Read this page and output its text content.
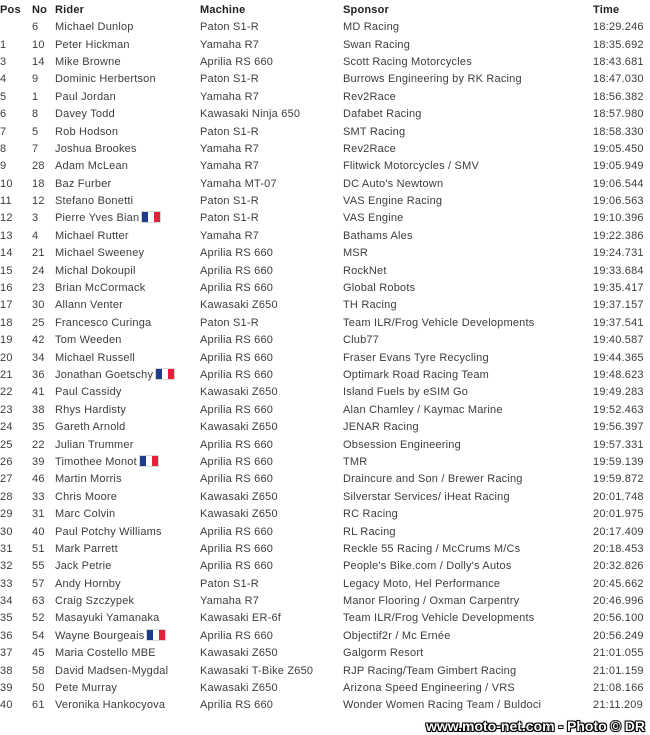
Pos	No	Rider	Machine	Sponsor	Time
	6	Michael Dunlop	Paton S1-R	MD Racing	18:29.246
1	10	Peter Hickman	Yamaha R7	Swan Racing	18:35.692
3	14	Mike Browne	Aprilia RS 660	Scott Racing Motorcycles	18:43.681
4	9	Dominic Herbertson	Paton S1-R	Burrows Engineering by RK Racing	18:47.030
5	1	Paul Jordan	Yamaha R7	Rev2Race	18:56.382
6	8	Davey Todd	Kawasaki Ninja 650	Dafabet Racing	18:57.980
7	5	Rob Hodson	Paton S1-R	SMT Racing	18:58.330
8	7	Joshua Brookes	Yamaha R7	Rev2Race	19:05.450
9	28	Adam McLean	Yamaha R7	Flitwick Motorcycles / SMV	19:05.949
10	18	Baz Furber	Yamaha MT-07	DC Auto's Newtown	19:06.544
11	12	Stefano Bonetti	Paton S1-R	VAS Engine Racing	19:06.563
12	3	Pierre Yves Bian	Paton S1-R	VAS Engine	19:10.396
13	4	Michael Rutter	Yamaha R7	Bathams Ales	19:22.386
14	21	Michael Sweeney	Aprilia RS 660	MSR	19:24.731
15	24	Michal Dokoupil	Aprilia RS 660	RockNet	19:33.684
16	23	Brian McCormack	Aprilia RS 660	Global Robots	19:35.417
17	30	Allann Venter	Kawasaki Z650	TH Racing	19:37.157
18	25	Francesco Curinga	Paton S1-R	Team ILR/Frog Vehicle Developments	19:37.541
19	42	Tom Weeden	Aprilia RS 660	Club77	19:40.587
20	34	Michael Russell	Aprilia RS 660	Fraser Evans Tyre Recycling	19:44.365
21	36	Jonathan Goetschy	Aprilia RS 660	Optimark Road Racing Team	19:48.623
22	41	Paul Cassidy	Kawasaki Z650	Island Fuels by eSIM Go	19:49.283
23	38	Rhys Hardisty	Aprilia RS 660	Alan Chamley / Kaymac Marine	19:52.463
24	35	Gareth Arnold	Kawasaki Z650	JENAR Racing	19:56.397
25	22	Julian Trummer	Aprilia RS 660	Obsession Engineering	19:57.331
26	39	Timothee Monot	Aprilia RS 660	TMR	19:59.139
27	46	Martin Morris	Aprilia RS 660	Draincure and Son / Brewer Racing	19:59.872
28	33	Chris Moore	Kawasaki Z650	Silverstar Services/ iHeat Racing	20:01.748
29	31	Marc Colvin	Kawasaki Z650	RC Racing	20:01.975
30	40	Paul Potchy Williams	Aprilia RS 660	RL Racing	20:17.409
31	51	Mark Parrett	Aprilia RS 660	Reckle 55 Racing / McCrums M/Cs	20:18.453
32	55	Jack Petrie	Aprilia RS 660	People's Bike.com / Dolly's Autos	20:32.826
33	57	Andy Hornby	Paton S1-R	Legacy Moto, Hel Performance	20:45.662
34	63	Craig Szczypek	Yamaha R7	Manor Flooring / Oxman Carpentry	20:46.996
35	52	Masayuki Yamanaka	Kawasaki ER-6f	Team ILR/Frog Vehicle Developments	20:56.100
36	54	Wayne Bourgeais	Aprilia RS 660	Objectif2r / Mc Ernée	20:56.249
37	45	Maria Costello MBE	Kawasaki Z650	Galgorm Resort	21:01.055
38	58	David Madsen-Mygdal	Kawasaki T-Bike Z650	RJP Racing/Team Gimbert Racing	21:01.159
39	50	Pete Murray	Kawasaki Z650	Arizona Speed Engineering / VRS	21:08.166
40	61	Veronika Hankocyova	Aprilia RS 660	Wonder Women Racing Team / Buldoci	21:11.209
www.moto-net.com - Photo © DR
